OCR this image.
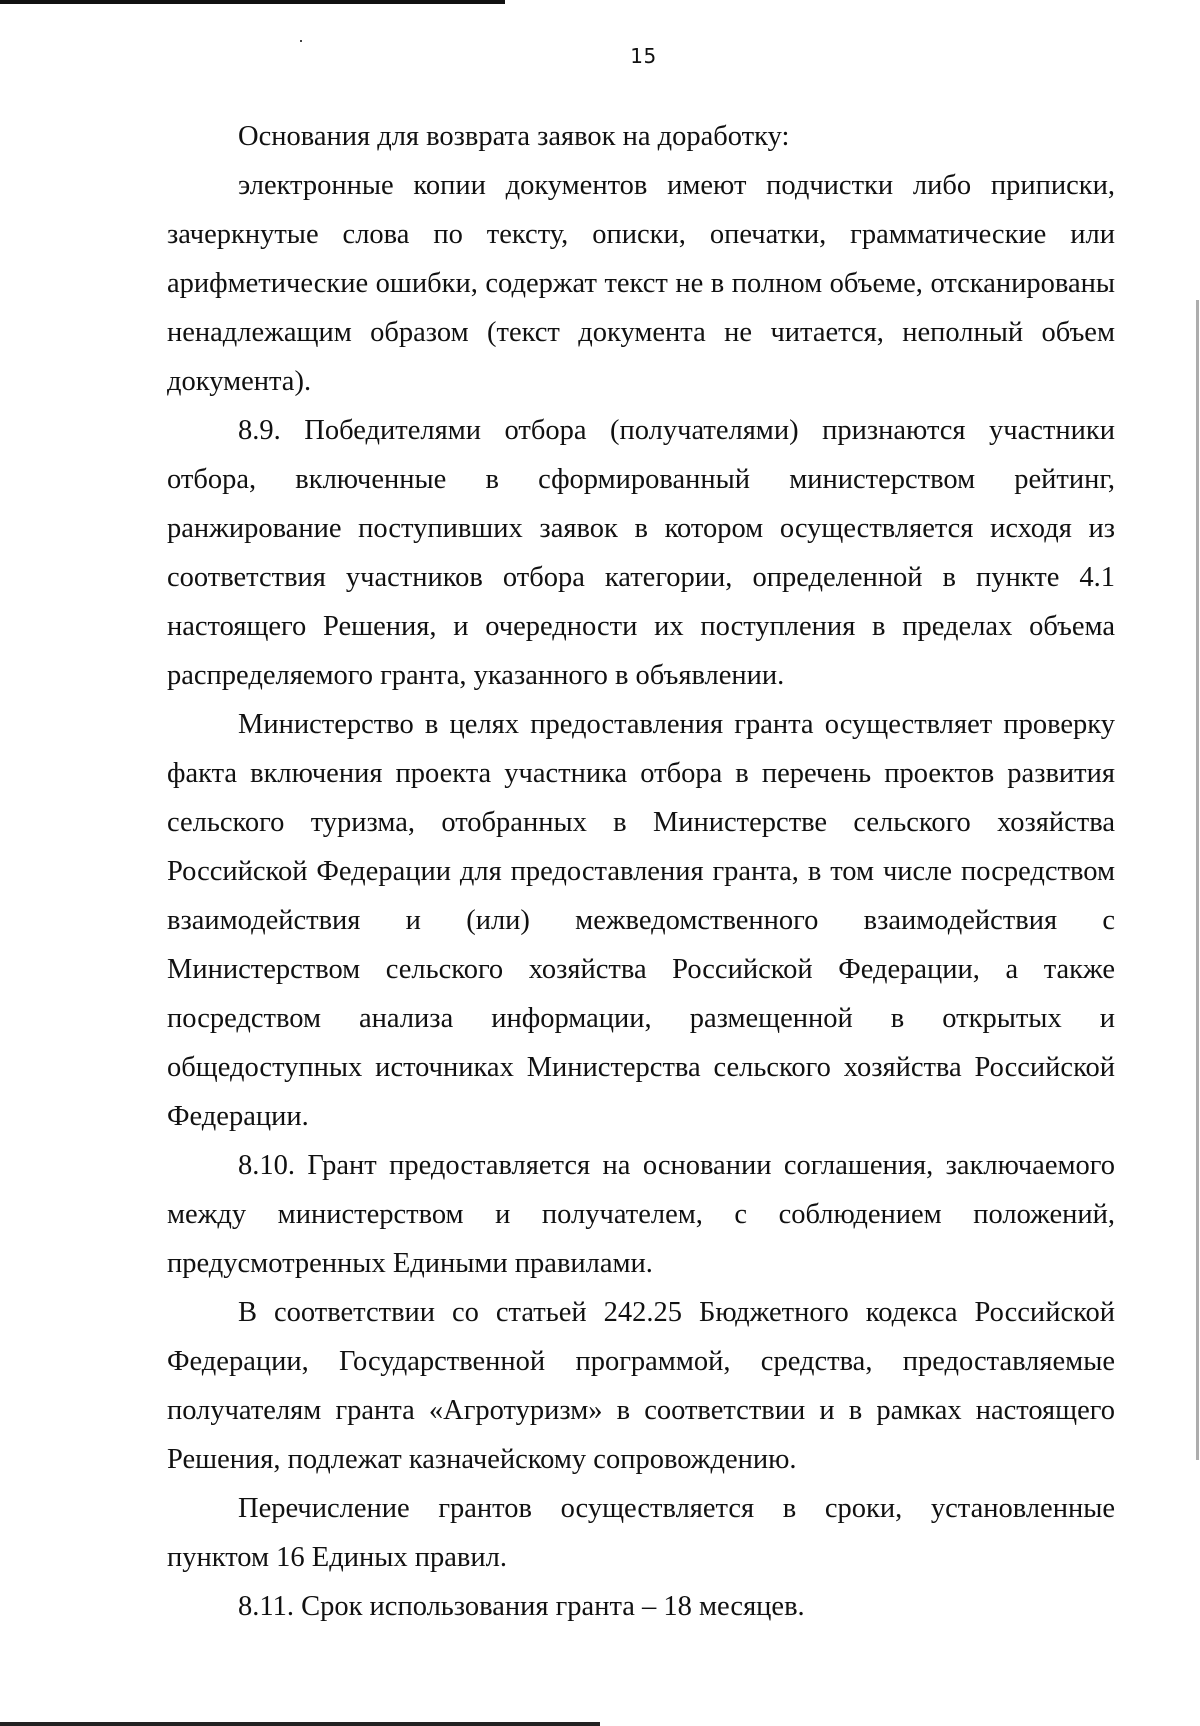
15

Основания для возврата заявок на доработку:

электронные копии документов имеют подчистки либо приписки, зачеркнутые слова по тексту, описки, опечатки, грамматические или арифметические ошибки, содержат текст не в полном объеме, отсканированы ненадлежащим образом (текст документа не читается, неполный объем документа).

8.9. Победителями отбора (получателями) признаются участники отбора, включенные в сформированный министерством рейтинг, ранжирование поступивших заявок в котором осуществляется исходя из соответствия участников отбора категории, определенной в пункте 4.1 настоящего Решения, и очередности их поступления в пределах объема распределяемого гранта, указанного в объявлении.

Министерство в целях предоставления гранта осуществляет проверку факта включения проекта участника отбора в перечень проектов развития сельского туризма, отобранных в Министерстве сельского хозяйства Российской Федерации для предоставления гранта, в том числе посредством взаимодействия и (или) межведомственного взаимодействия с Министерством сельского хозяйства Российской Федерации, а также посредством анализа информации, размещенной в открытых и общедоступных источниках Министерства сельского хозяйства Российской Федерации.

8.10. Грант предоставляется на основании соглашения, заключаемого между министерством и получателем, с соблюдением положений, предусмотренных Едиными правилами.

В соответствии со статьей 242.25 Бюджетного кодекса Российской Федерации, Государственной программой, средства, предоставляемые получателям гранта «Агротуризм» в соответствии и в рамках настоящего Решения, подлежат казначейскому сопровождению.

Перечисление грантов осуществляется в сроки, установленные пунктом 16 Единых правил.

8.11. Срок использования гранта – 18 месяцев.
